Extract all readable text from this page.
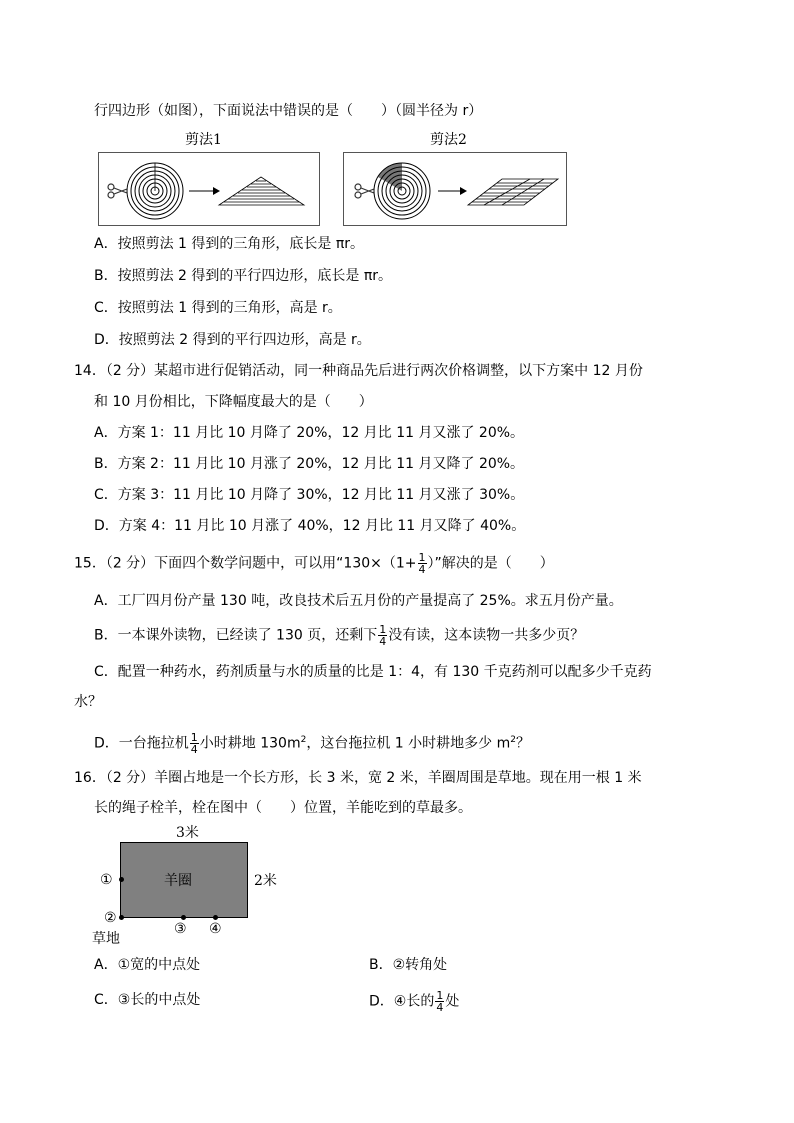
行四边形（如图），下面说法中错误的是（　　）（圆半径为 r）
剪法1	剪法2
A．按照剪法 1 得到的三角形，底长是 πr。
B．按照剪法 2 得到的平行四边形，底长是 πr。
C．按照剪法 1 得到的三角形，高是 r。
D．按照剪法 2 得到的平行四边形，高是 r。
14．（2 分）某超市进行促销活动，同一种商品先后进行两次价格调整，以下方案中 12 月份
和 10 月份相比，下降幅度最大的是（　　）
A．方案 1：11 月比 10 月降了 20%，12 月比 11 月又涨了 20%。
B．方案 2：11 月比 10 月涨了 20%，12 月比 11 月又降了 20%。
C．方案 3：11 月比 10 月降了 30%，12 月比 11 月又涨了 30%。
D．方案 4：11 月比 10 月涨了 40%，12 月比 11 月又降了 40%。
15．（2 分）下面四个数学问题中，可以用“$130\times(1+ \frac{1}{4}$ ）”解决的是（　　）
A．工厂四月份产量 130 吨，改良技术后五月份的产量提高了 25%。求五月份产量。
B．一本课外读物，已经读了 130 页，还剩下 $\frac{1}{4}$ 没有读，这本读物一共多少页？
C．配置一种药水，药剂质量与水的质量的比是 1：4，有 130 千克药剂可以配多少千克药
水？
D．一台拖拉机 $\frac{1}{4}$ 小时耕地 $130m^2$，这台拖拉机 1 小时耕地多少 $m^2$？
16．（2 分）羊圈占地是一个长方形，长 3 米，宽 2 米，羊圈周围是草地。现在用一根 1 米
长的绳子栓羊，栓在图中（　　）位置，羊能吃到的草最多。
3米
羊圈	2米
①
②
③ ④
草地
A．①宽的中点处	B．②转角处
C．③长的中点处	D．④长的 $\frac{1}{4}$ 处
